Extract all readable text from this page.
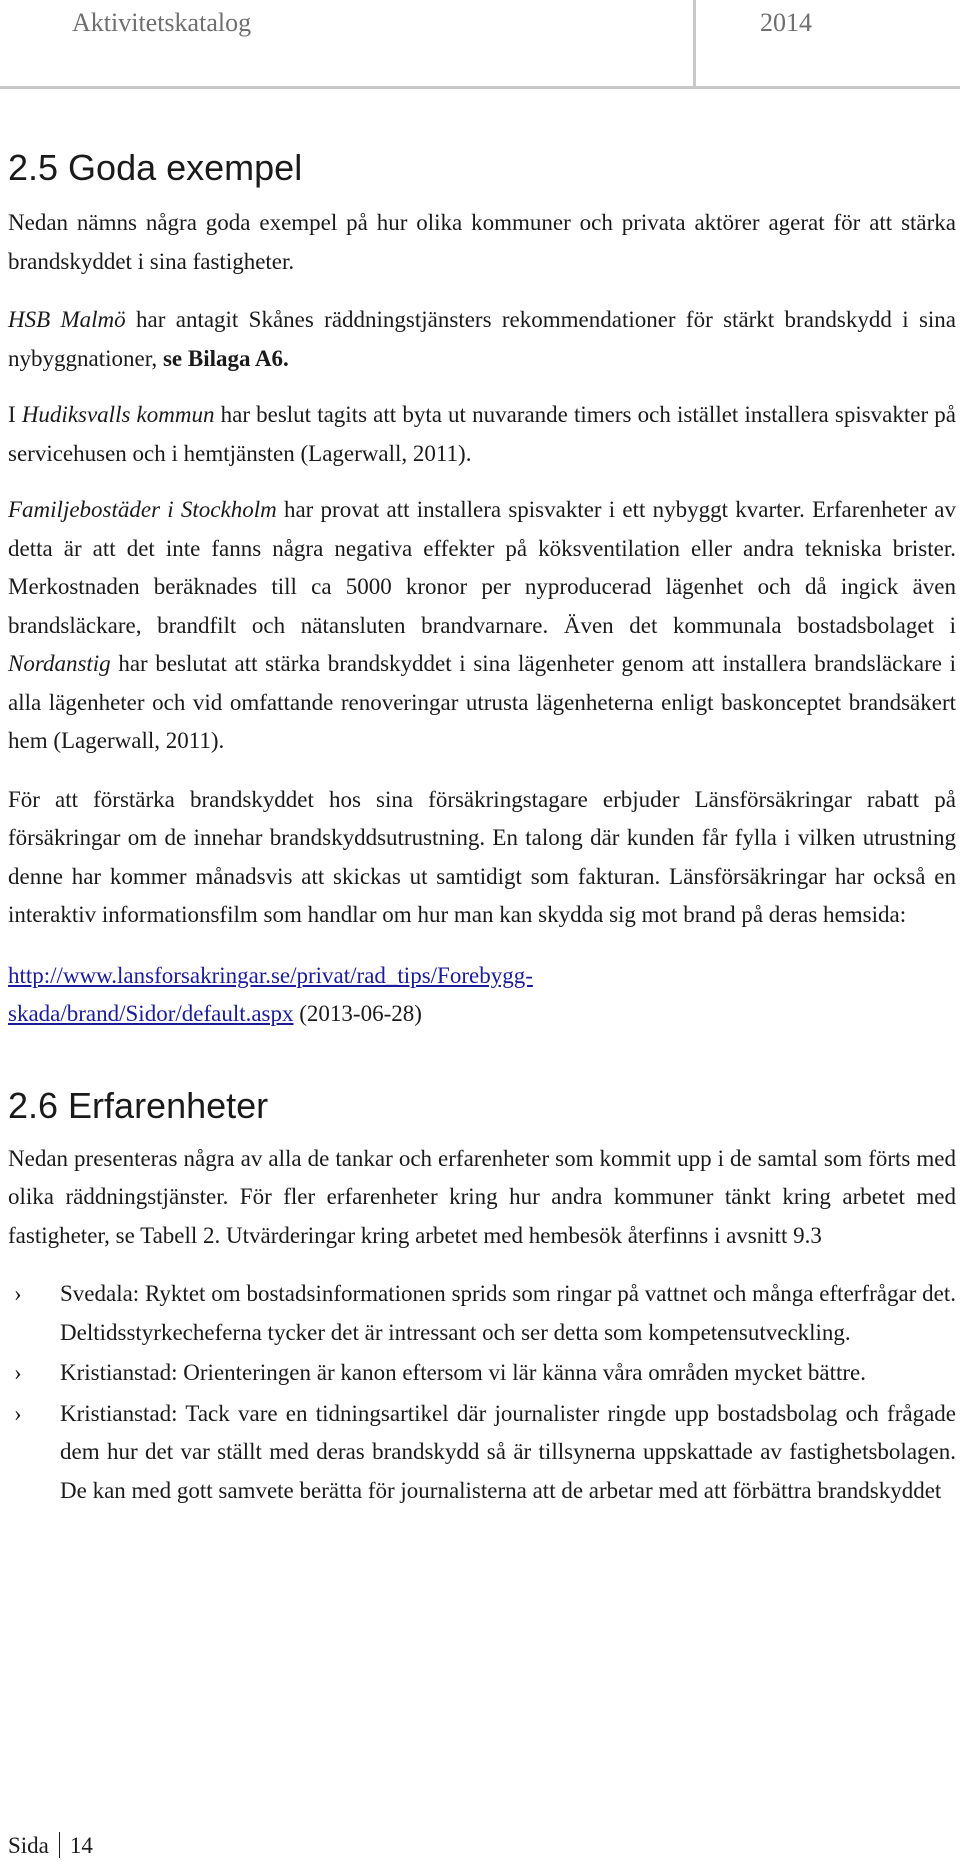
Aktivitetskatalog	2014
2.5 Goda exempel

Nedan nämns några goda exempel på hur olika kommuner och privata aktörer agerat för att stärka brandskyddet i sina fastigheter.

HSB Malmö har antagit Skånes räddningstjänsters rekommendationer för stärkt brandskydd i sina nybyggnationer, se Bilaga A6.

I Hudiksvalls kommun har beslut tagits att byta ut nuvarande timers och istället installera spisvakter på servicehusen och i hemtjänsten (Lagerwall, 2011).

Familjebostäder i Stockholm har provat att installera spisvakter i ett nybyggt kvarter. Erfarenheter av detta är att det inte fanns några negativa effekter på köksventilation eller andra tekniska brister. Merkostnaden beräknades till ca 5000 kronor per nyproducerad lägenhet och då ingick även brandsläckare, brandfilt och nätansluten brandvarnare. Även det kommunala bostadsbolaget i Nordanstig har beslutat att stärka brandskyddet i sina lägenheter genom att installera brandsläckare i alla lägenheter och vid omfattande renoveringar utrusta lägenheterna enligt baskonceptet brandsäkert hem (Lagerwall, 2011).

För att förstärka brandskyddet hos sina försäkringstagare erbjuder Länsförsäkringar rabatt på försäkringar om de innehar brandskyddsutrustning. En talong där kunden får fylla i vilken utrustning denne har kommer månadsvis att skickas ut samtidigt som fakturan. Länsförsäkringar har också en interaktiv informationsfilm som handlar om hur man kan skydda sig mot brand på deras hemsida:

http://www.lansforsakringar.se/privat/rad_tips/Forebygg-
skada/brand/Sidor/default.aspx (2013-06-28)

2.6 Erfarenheter

Nedan presenteras några av alla de tankar och erfarenheter som kommit upp i de samtal som förts med olika räddningstjänster. För fler erfarenheter kring hur andra kommuner tänkt kring arbetet med fastigheter, se Tabell 2. Utvärderingar kring arbetet med hembesök återfinns i avsnitt 9.3

› Svedala: Ryktet om bostadsinformationen sprids som ringar på vattnet och många efterfrågar det. Deltidsstyrkecheferna tycker det är intressant och ser detta som kompetensutveckling.
› Kristianstad: Orienteringen är kanon eftersom vi lär känna våra områden mycket bättre.
› Kristianstad: Tack vare en tidningsartikel där journalister ringde upp bostadsbolag och frågade dem hur det var ställt med deras brandskydd så är tillsynerna uppskattade av fastighetsbolagen. De kan med gott samvete berätta för journalisterna att de arbetar med att förbättra brandskyddet
Sida 14
